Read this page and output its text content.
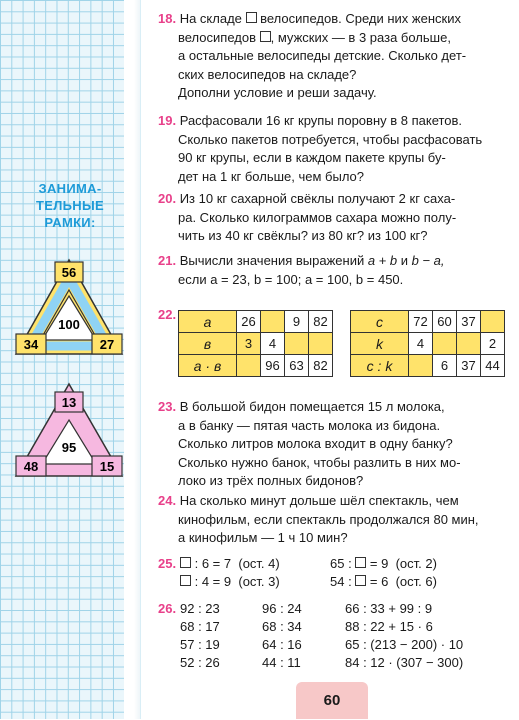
ЗАНИМА-
ТЕЛЬНЫЕ
РАМКИ:
56
100
34	27
13
95
48	15
18. На складе  велосипедов. Среди них женских
велосипедов , мужских — в 3 раза больше,
а остальные велосипеды детские. Сколько дет-
ских велосипедов на складе?
Дополни условие и реши задачу.
19. Расфасовали 16 кг крупы поровну в 8 пакетов.
Сколько пакетов потребуется, чтобы расфасовать
90 кг крупы, если в каждом пакете крупы бу-
дет на 1 кг больше, чем было?
20. Из 10 кг сахарной свёклы получают 2 кг саха-
ра. Сколько килограммов сахара можно полу-
чить из 40 кг свёклы? из 80 кг? из 100 кг?
21. Вычисли значения выражений a + b и b − a,
если a = 23, b = 100; a = 100, b = 450.
22. a	26		9	82
в	3	4		
a · в		96	63	82
c	72	60	37	
k	4			2
c : k		6	37	44
23. В большой бидон помещается 15 л молока,
а в банку — пятая часть молока из бидона.
Сколько литров молока входит в одну банку?
Сколько нужно банок, чтобы разлить в них мо-
локо из трёх полных бидонов?
24. На сколько минут дольше шёл спектакль, чем
кинофильм, если спектакль продолжался 80 мин,
а кинофильм — 1 ч 10 мин?
25.	: 6 = 7 (ост. 4)
: 4 = 9 (ост. 3)
65 :  = 9 (ост. 2)
54 :  = 6 (ост. 6)
26. 92 : 23
68 : 17
57 : 19
52 : 26
96 : 24
68 : 34
64 : 16
44 : 11
66 : 33 + 99 : 9
88 : 22 + 15 · 6
65 : (213 − 200) · 10
84 : 12 · (307 − 300)
60
